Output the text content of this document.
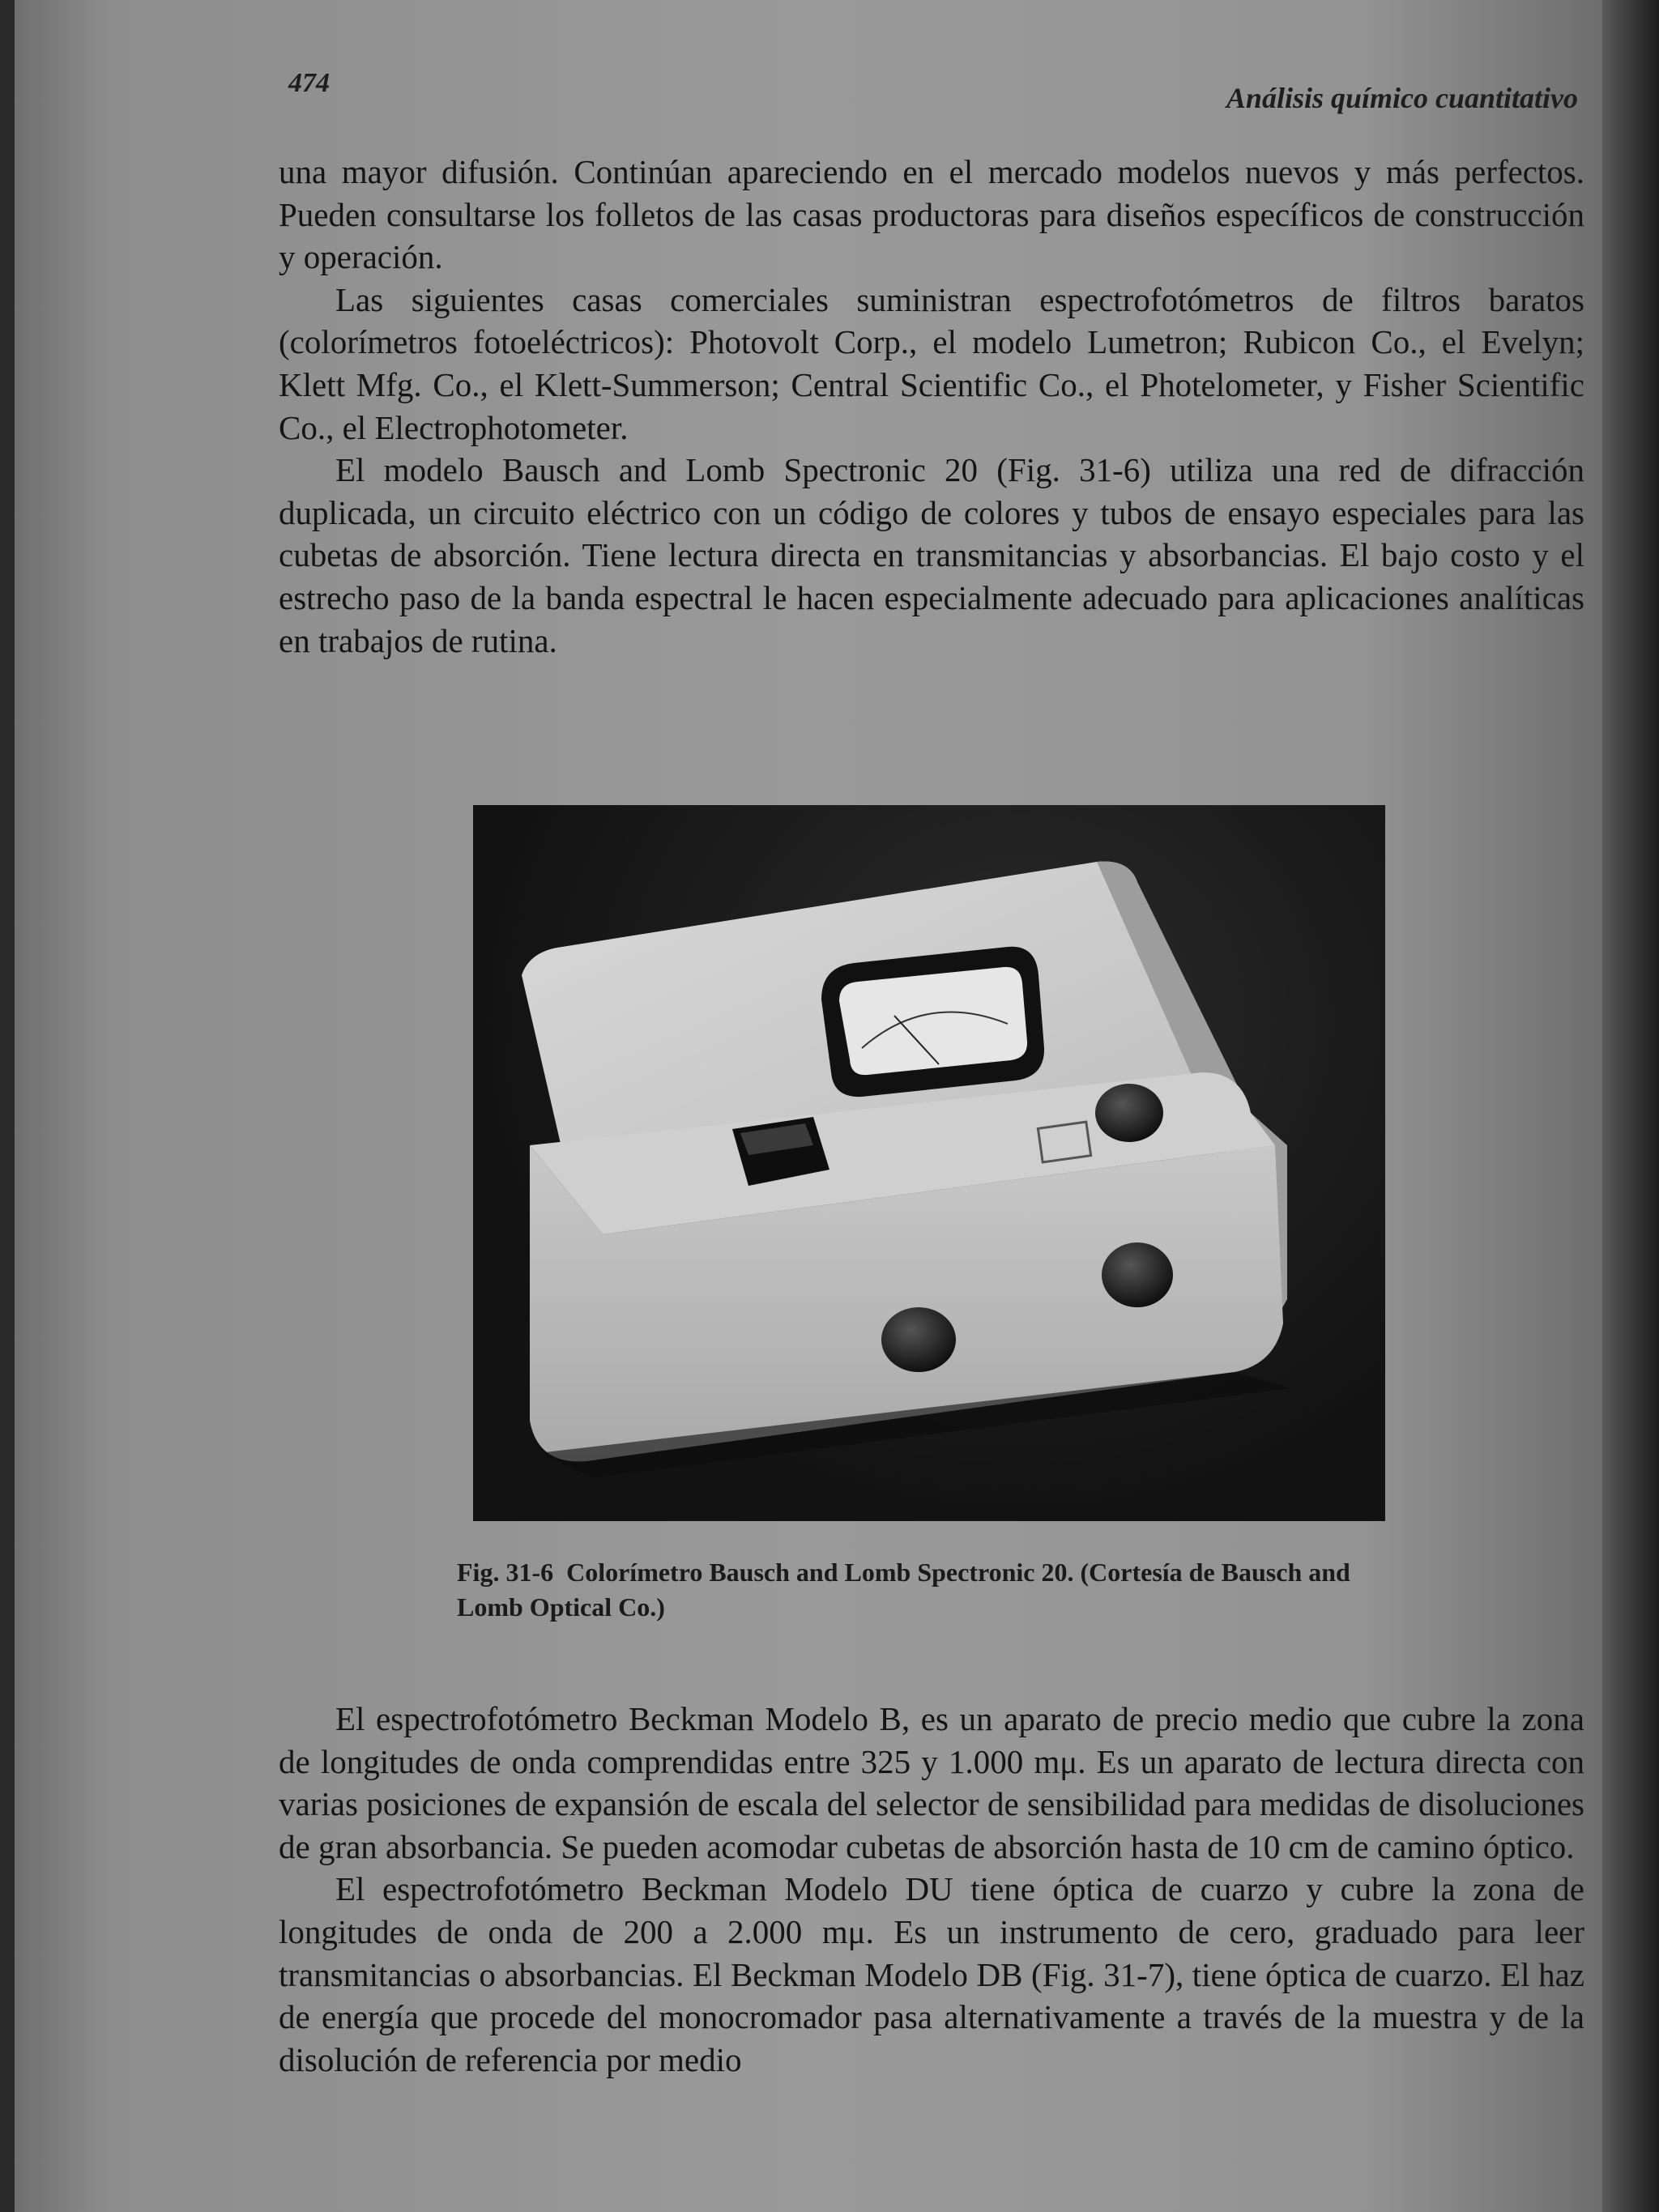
474	Análisis químico cuantitativo

una mayor difusión. Continúan apareciendo en el mercado modelos nuevos y más perfectos. Pueden consultarse los folletos de las casas productoras para diseños específicos de construcción y operación.

Las siguientes casas comerciales suministran espectrofotómetros de filtros baratos (colorímetros fotoeléctricos): Photovolt Corp., el modelo Lumetron; Rubicon Co., el Evelyn; Klett Mfg. Co., el Klett-Summerson; Central Scientific Co., el Photelometer, y Fisher Scientific Co., el Electrophotometer.

El modelo Bausch and Lomb Spectronic 20 (Fig. 31-6) utiliza una red de difracción duplicada, un circuito eléctrico con un código de colores y tubos de ensayo especiales para las cubetas de absorción. Tiene lectura directa en transmitancias y absorbancias. El bajo costo y el estrecho paso de la banda espectral le hacen especialmente adecuado para aplicaciones analíticas en trabajos de rutina.

Fig. 31-6 Colorímetro Bausch and Lomb Spectronic 20. (Cortesía de Bausch and Lomb Optical Co.)

El espectrofotómetro Beckman Modelo B, es un aparato de precio medio que cubre la zona de longitudes de onda comprendidas entre 325 y 1.000 mμ. Es un aparato de lectura directa con varias posiciones de expansión de escala del selector de sensibilidad para medidas de disoluciones de gran absorbancia. Se pueden acomodar cubetas de absorción hasta de 10 cm de camino óptico.

El espectrofotómetro Beckman Modelo DU tiene óptica de cuarzo y cubre la zona de longitudes de onda de 200 a 2.000 mμ. Es un instrumento de cero, graduado para leer transmitancias o absorbancias. El Beckman Modelo DB (Fig. 31-7), tiene óptica de cuarzo. El haz de energía que procede del monocromador pasa alternativamente a través de la muestra y de la disolución de referencia por medio
